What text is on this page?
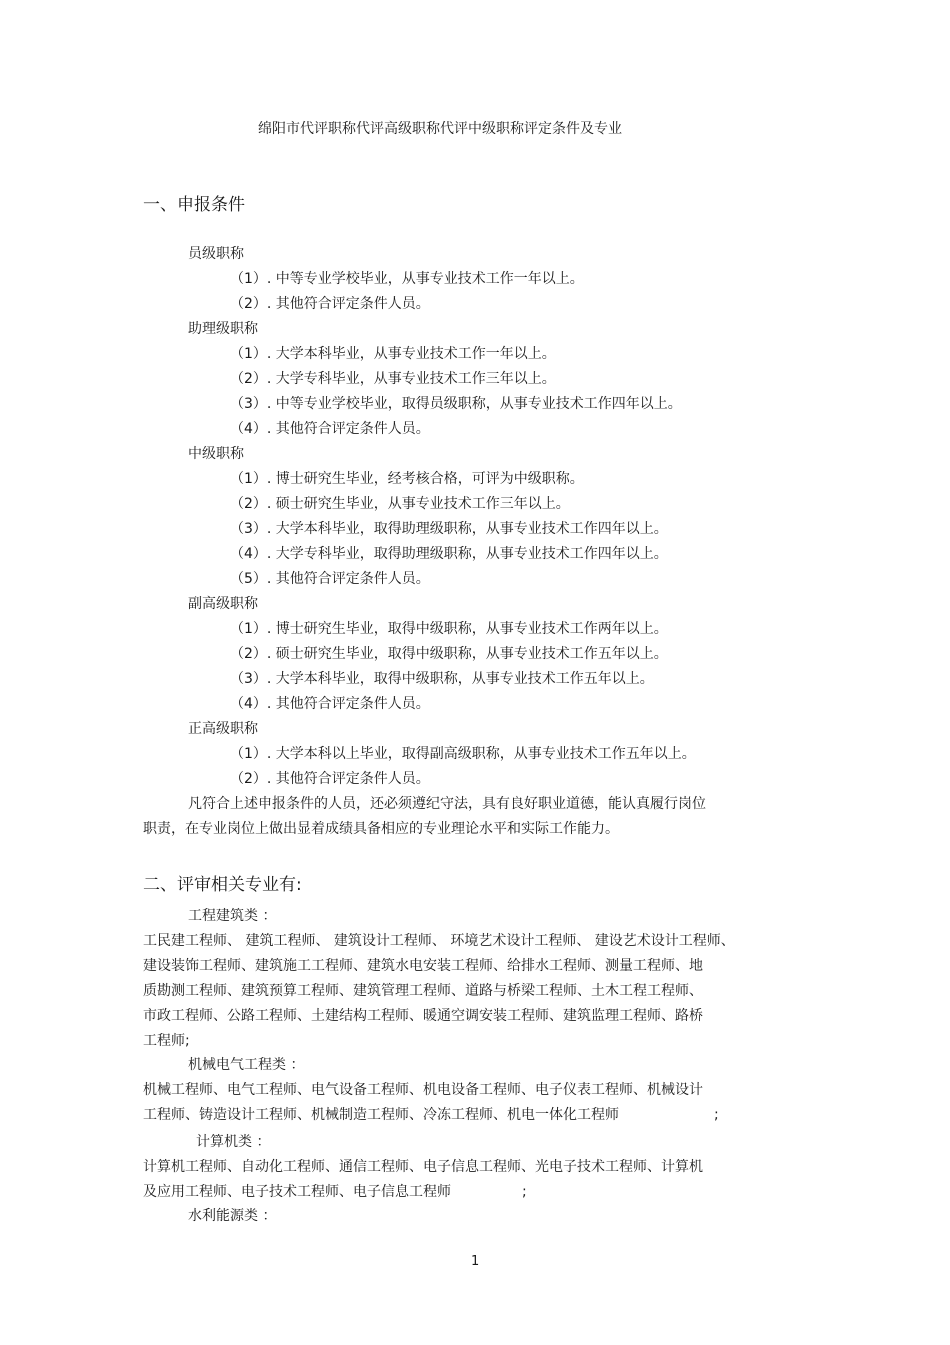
绵阳市代评职称代评高级职称代评中级职称评定条件及专业
一、申报条件
员级职称
（1）. 中等专业学校毕业，从事专业技术工作一年以上。
（2）. 其他符合评定条件人员。
助理级职称
（1）. 大学本科毕业，从事专业技术工作一年以上。
（2）. 大学专科毕业，从事专业技术工作三年以上。
（3）. 中等专业学校毕业，取得员级职称，从事专业技术工作四年以上。
（4）. 其他符合评定条件人员。
中级职称
（1）. 博士研究生毕业，经考核合格，可评为中级职称。
（2）. 硕士研究生毕业，从事专业技术工作三年以上。
（3）. 大学本科毕业，取得助理级职称，从事专业技术工作四年以上。
（4）. 大学专科毕业，取得助理级职称，从事专业技术工作四年以上。
（5）. 其他符合评定条件人员。
副高级职称
（1）. 博士研究生毕业，取得中级职称，从事专业技术工作两年以上。
（2）. 硕士研究生毕业，取得中级职称，从事专业技术工作五年以上。
（3）. 大学本科毕业，取得中级职称，从事专业技术工作五年以上。
（4）. 其他符合评定条件人员。
正高级职称
（1）. 大学本科以上毕业，取得副高级职称，从事专业技术工作五年以上。
（2）. 其他符合评定条件人员。
凡符合上述申报条件的人员，还必须遵纪守法，具有良好职业道德，能认真履行岗位
职责，在专业岗位上做出显着成绩具备相应的专业理论水平和实际工作能力。
二、评审相关专业有:
工程建筑类 ：
工民建工程师、 建筑工程师、 建筑设计工程师、 环境艺术设计工程师、 建设艺术设计工程师、
建设装饰工程师、建筑施工工程师、建筑水电安装工程师、给排水工程师、测量工程师、地
质勘测工程师、建筑预算工程师、建筑管理工程师、道路与桥梁工程师、土木工程工程师、
市政工程师、公路工程师、土建结构工程师、暖通空调安装工程师、建筑监理工程师、路桥
工程师;
机械电气工程类 ：
机械工程师、电气工程师、电气设备工程师、机电设备工程师、电子仪表工程师、机械设计
工程师、铸造设计工程师、机械制造工程师、冷冻工程师、机电一体化工程师	;
计算机类 ：
计算机工程师、自动化工程师、通信工程师、电子信息工程师、光电子技术工程师、计算机
及应用工程师、电子技术工程师、电子信息工程师	;
水利能源类 ：
1
